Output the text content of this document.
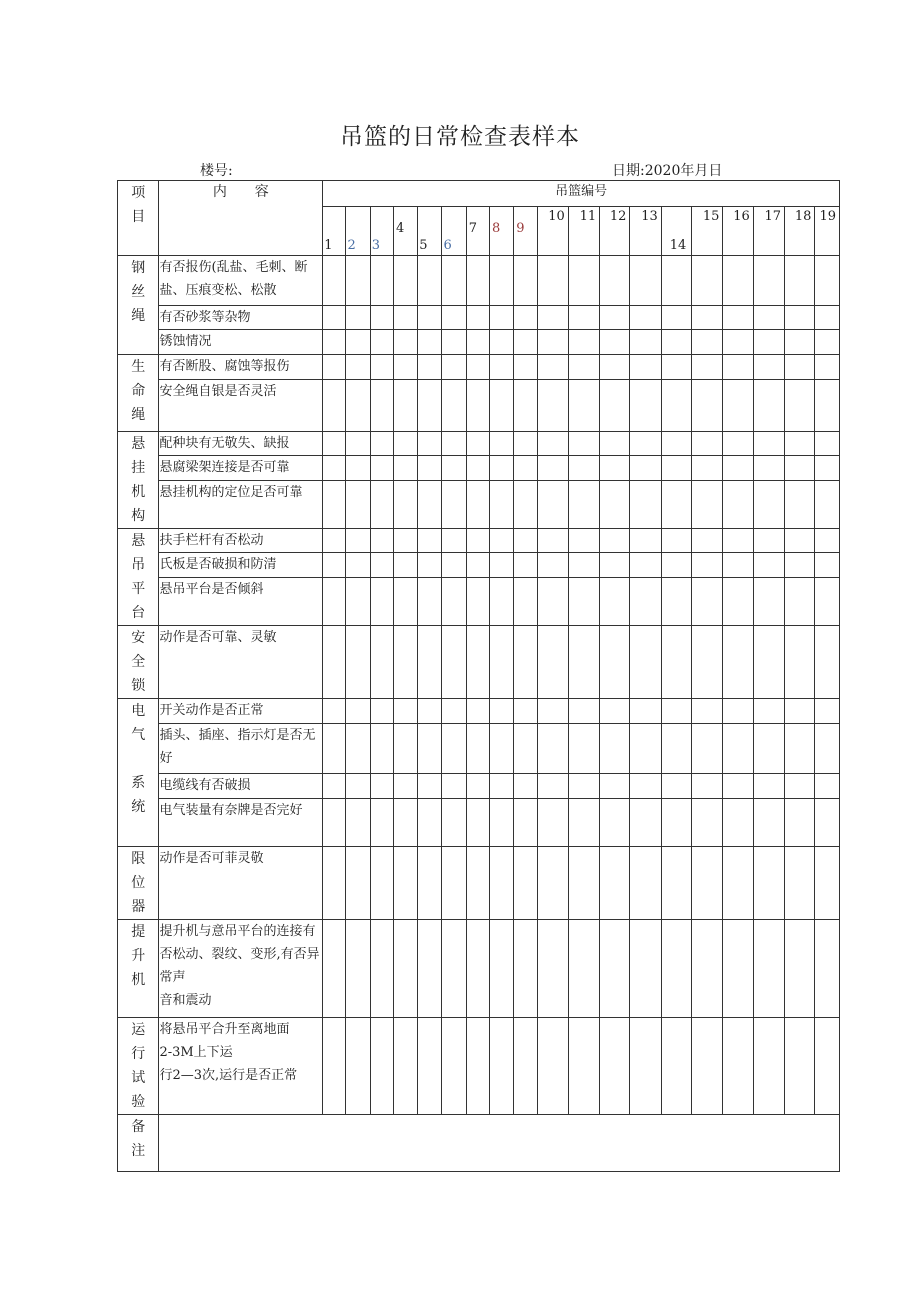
吊篮的日常检查表样本
楼号:	日期:2020年月日
项
目	内　　容	吊篮编号																		

		1	2	3	4	5	6	7	8	9	10	11	12	13	14	15	16	17	18	19

钢
丝
绳	有否报伤(乱盐、毛刺、断盐、压痕变松、松散																			
	有否砂浆等杂物																			
	锈蚀情况																			
生
命
绳	有否断股、腐蚀等报伤																			
	安全绳自银是否灵活																			
悬
挂
机
构	配种块有无敬失、缺报																			
	悬腐梁架连接是否可靠																			
	悬挂机构的定位足否可靠																			
悬
吊
平
台	扶手栏杆有否松动																			
	氏板是否破损和防清																			
	悬吊平台是否倾斜																			
安
全
锁	动作是否可靠、灵敏																			
电
气

系
统	开关动作是否正常																			
	插头、插座、指示灯是否无好																			
	电缆线有否破损																			
	电气装量有奈牌是否完好																			
限
位
器	动作是否可菲灵敬																			
提
升
机	提升机与意吊平台的连接有否松动、裂纹、变形,有否异常声
音和震动																			
运
行
试
验	将悬吊平合升至离地面
2-3M上下运
行2—3次,运行是否正常																			
备
注																				
